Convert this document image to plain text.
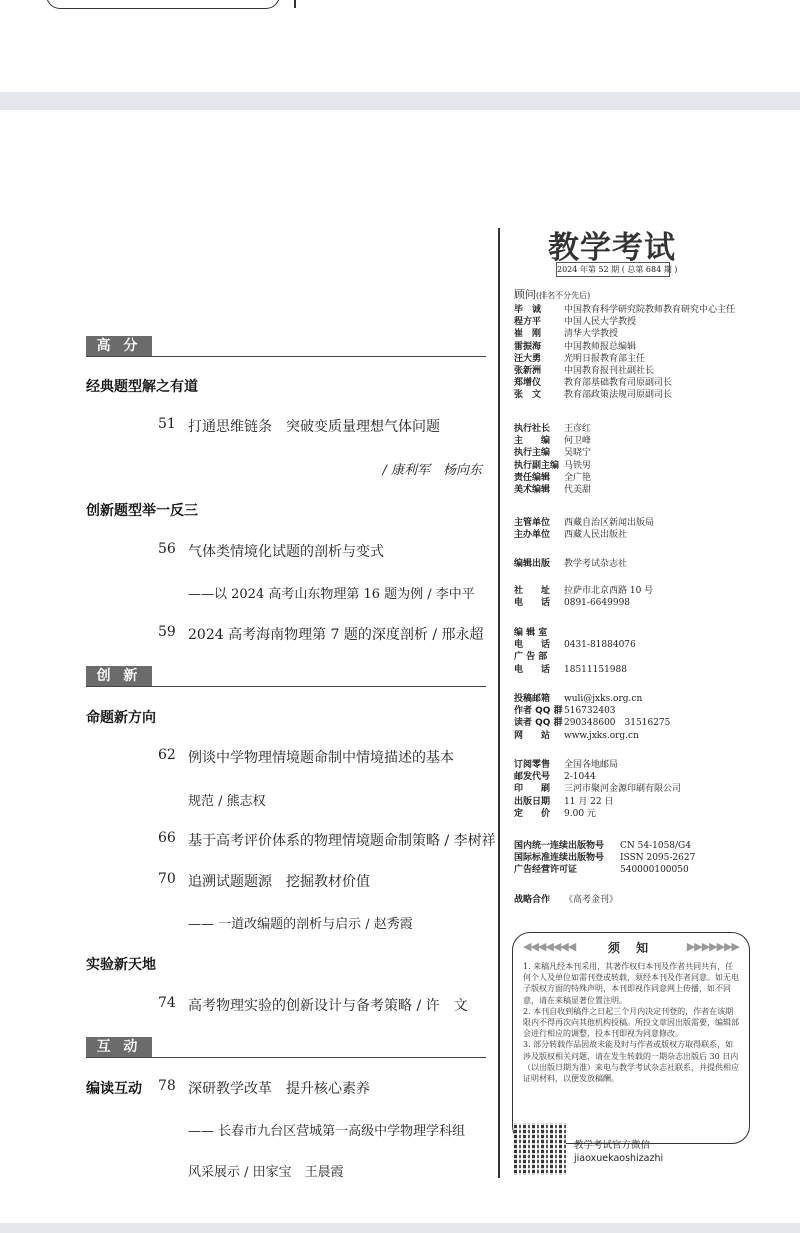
高 分
经典题型解之有道
51 打通思维链条　突破变质量理想气体问题
/ 康利军　杨向东
创新题型举一反三
56 气体类情境化试题的剖析与变式
——以 2024 高考山东物理第 16 题为例 / 李中平
59 2024 高考海南物理第 7 题的深度剖析 / 邢永超
创 新
命题新方向
62 例谈中学物理情境题命制中情境描述的基本
规范 / 熊志权
66 基于高考评价体系的物理情境题命制策略 / 李树祥
70 追溯试题题源　挖掘教材价值
—— 一道改编题的剖析与启示 / 赵秀霞
实验新天地
74 高考物理实验的创新设计与备考策略 / 许　文
互 动
编读互动 78 深研教学改革　提升核心素养
—— 长春市九台区营城第一高级中学物理学科组
风采展示 / 田家宝　王晨霞
教学考试
2024 年第 52 期 ( 总第 684 期 )
顾问(排名不分先后)
毕　诚	中国教育科学研究院教师教育研究中心主任
程方平	中国人民大学教授
崔　刚	清华大学教授
雷振海	中国教师报总编辑
汪大勇	光明日报教育部主任
张新洲	中国教育报刊社副社长
郑增仪	教育部基础教育司原副司长
张　文	教育部政策法规司原副司长
执行社长 王彦红
主　　编 何卫峰
执行主编 吴晓宁
执行副主编 马铁男
责任编辑 全广艳
美术编辑 代美甜
主管单位 西藏自治区新闻出版局
主办单位 西藏人民出版社
编辑出版 教学考试杂志社
社　　址 拉萨市北京西路 10 号
电　　话 0891-6649998
编 辑 室
电　　话 0431-81884076
广 告 部
电　　话 18511151988
投稿邮箱 wuli@jxks.org.cn
作者 QQ 群516732403
读者 QQ 群290348600　31516275
网　　站 www.jxks.org.cn
订阅零售 全国各地邮局
邮发代号 2-1044
印　　刷 三河市聚河金源印刷有限公司
出版日期 11 月 22 日
定　　价 9.00 元
国内统一连续出版物号 CN 54-1058/G4
国际标准连续出版物号 ISSN 2095-2627
广告经营许可证	540000100050
战略合作 《高考金刊》
◀◀◀◀◀◀◀	须 知	▶▶▶▶▶▶▶
1. 来稿凡经本刊采用，其著作权归本刊及作者共同共有，任何个人及单位如需刊登或转载，须经本刊及作者同意。如无电子版权方面的特殊声明，本刊即视作同意网上传播，如不同意，请在来稿显著位置注明。
2. 本刊自收到稿件之日起三个月内决定刊登的，作者在该期限内不得再次向其他机构投稿。所投文章因出版需要，编辑部会进行相应的调整，投本刊即视为同意修改。
3. 部分转载作品因故未能及时与作者或版权方取得联系，如涉及版权相关问题，请在发生转载的一期杂志出版后 30 日内（以出版日期为准）来电与教学考试杂志社联系，并提供相应证明材料，以便发放稿酬。
教学考试官方微信
jiaoxuekaoshizazhi
